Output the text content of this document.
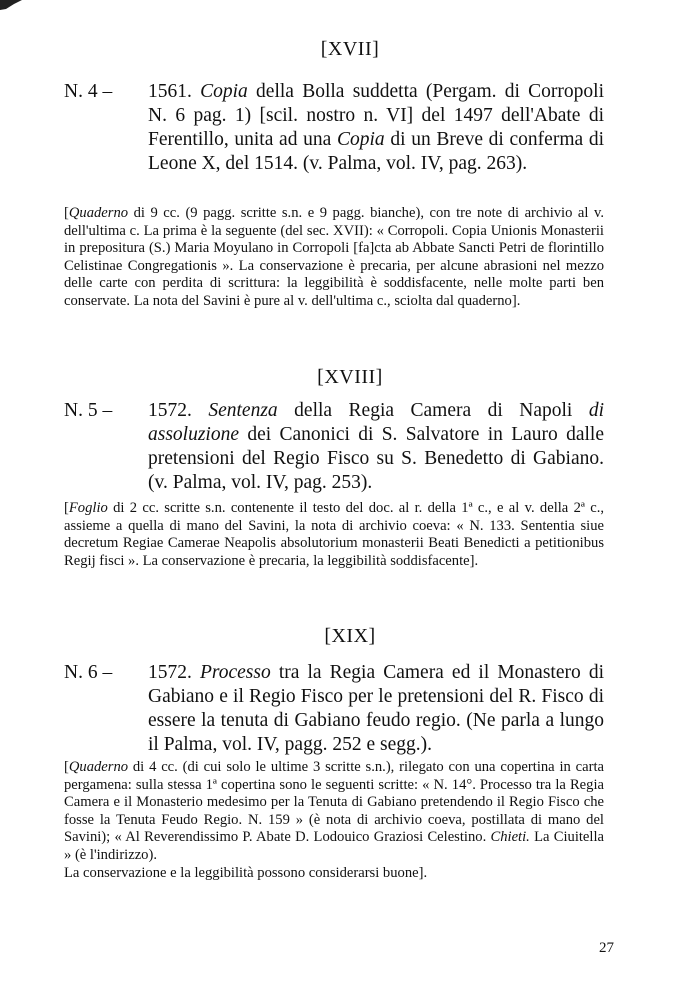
[XVII]
N. 4 –	1561. Copia della Bolla suddetta (Pergam. di Corropoli N. 6 pag. 1) [scil. nostro n. VI] del 1497 dell'Abate di Ferentillo, unita ad una Copia di un Breve di conferma di Leone X, del 1514. (v. Palma, vol. IV, pag. 263).

[Quaderno di 9 cc. (9 pagg. scritte s.n. e 9 pagg. bianche), con tre note di archivio al v. dell'ultima c. La prima è la seguente (del sec. XVII): « Corropoli. Copia Unionis Monasterii in prepositura (S.) Maria Moyulano in Corropoli [fa]cta ab Abbate Sancti Petri de florintillo Celistinae Congregationis ». La conservazione è precaria, per alcune abrasioni nel mezzo delle carte con perdita di scrittura: la leggibilità è soddisfacente, nelle molte parti ben conservate. La nota del Savini è pure al v. dell'ultima c., sciolta dal quaderno].

[XVIII]
N. 5 –	1572. Sentenza della Regia Camera di Napoli di assoluzione dei Canonici di S. Salvatore in Lauro dalle pretensioni del Regio Fisco su S. Benedetto di Gabiano. (v. Palma, vol. IV, pag. 253).

[Foglio di 2 cc. scritte s.n. contenente il testo del doc. al r. della 1ª c., e al v. della 2ª c., assieme a quella di mano del Savini, la nota di archivio coeva: « N. 133. Sententia siue decretum Regiae Camerae Neapolis absolutorium monasterii Beati Benedicti a petitionibus Regij fisci ». La conservazione è precaria, la leggibilità soddisfacente].

[XIX]
N. 6 –	1572. Processo tra la Regia Camera ed il Monastero di Gabiano e il Regio Fisco per le pretensioni del R. Fisco di essere la tenuta di Gabiano feudo regio. (Ne parla a lungo il Palma, vol. IV, pagg. 252 e segg.).

[Quaderno di 4 cc. (di cui solo le ultime 3 scritte s.n.), rilegato con una copertina in carta pergamena: sulla stessa 1ª copertina sono le seguenti scritte: « N. 14°. Processo tra la Regia Camera e il Monasterio medesimo per la Tenuta di Gabiano pretendendo il Regio Fisco che fosse la Tenuta Feudo Regio. N. 159 » (è nota di archivio coeva, postillata di mano del Savini); « Al Reverendissimo P. Abate D. Lodouico Graziosi Celestino. Chieti. La Ciuitella » (è l'indirizzo).

La conservazione e la leggibilità possono considerarsi buone].

27
